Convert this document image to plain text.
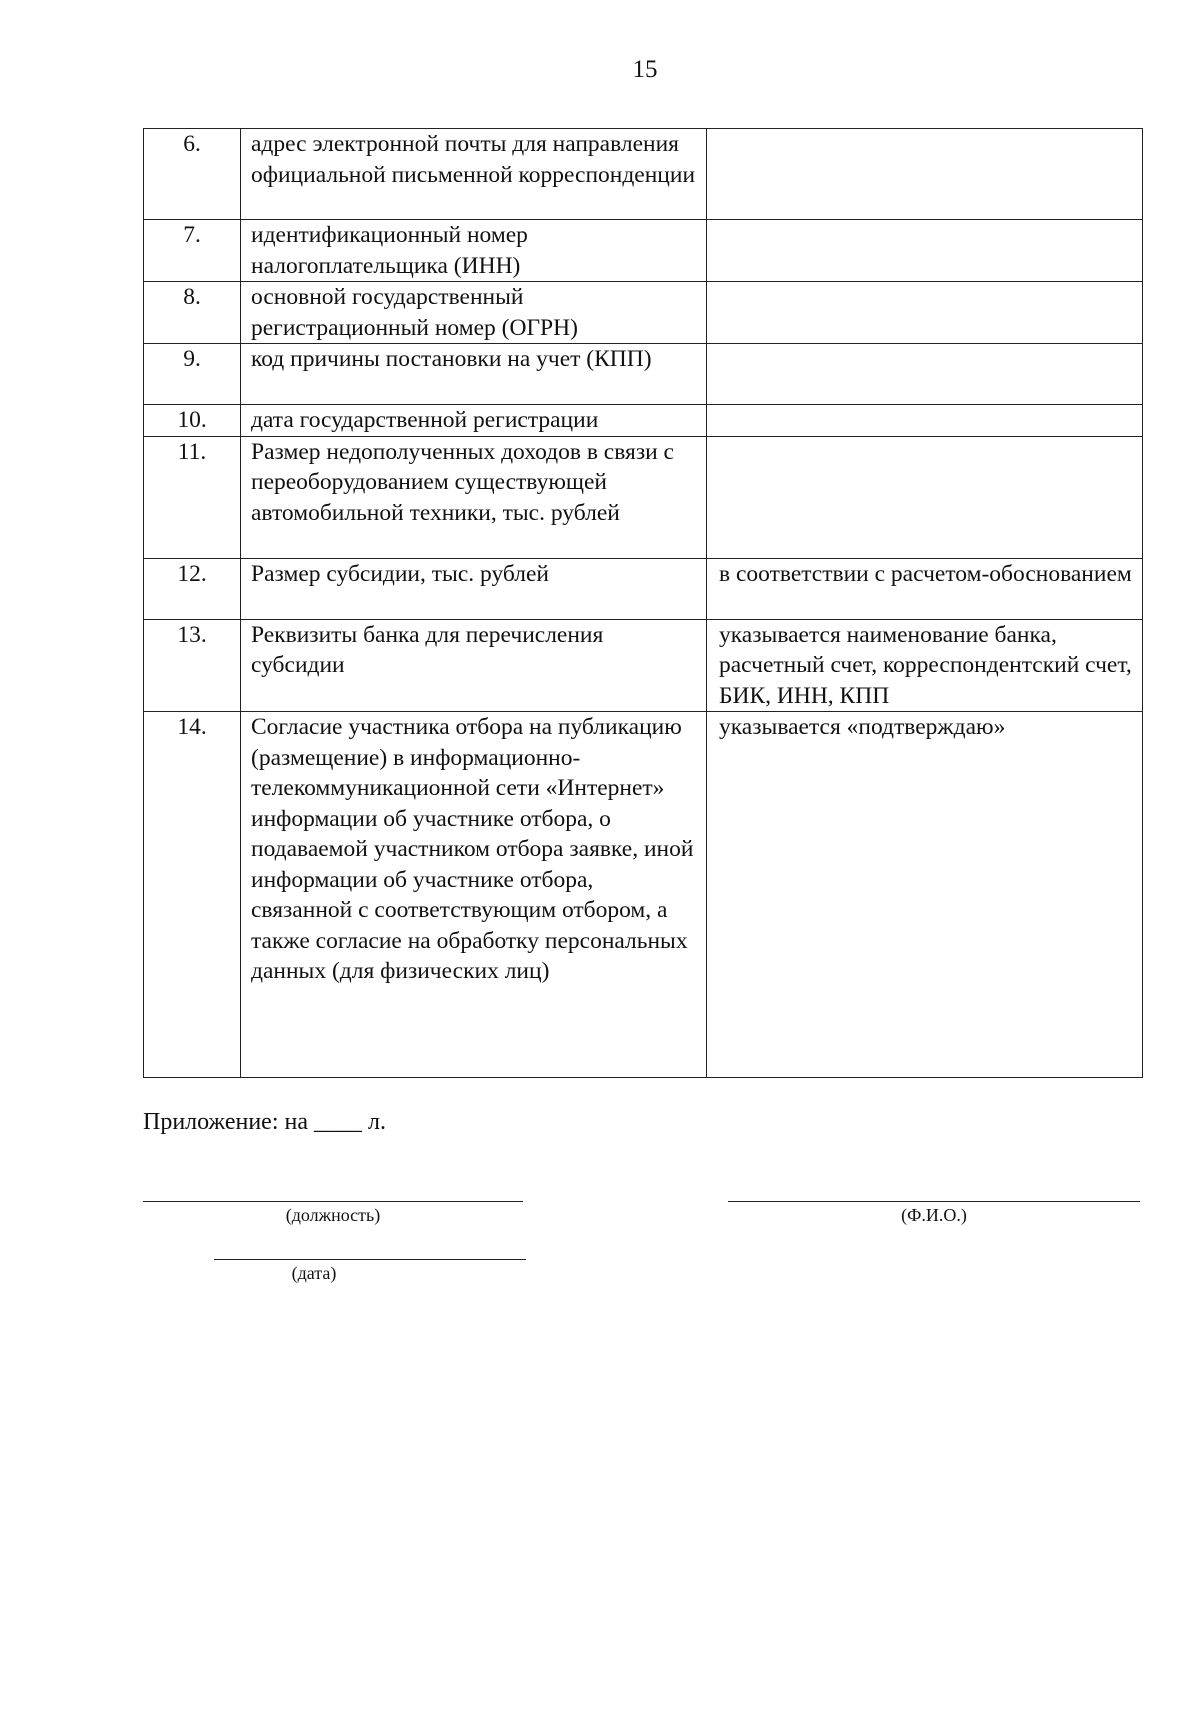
15
6.	адрес электронной почты для направления официальной письменной корреспонденции	
7.	идентификационный номер налогоплательщика (ИНН)	
8.	основной государственный регистрационный номер (ОГРН)	
9.	код причины постановки на учет (КПП)	
10.	дата государственной регистрации	
11.	Размер недополученных доходов в связи с переоборудованием существующей автомобильной техники, тыс. рублей	
12.	Размер субсидии, тыс. рублей	в соответствии с расчетом-обоснованием
13.	Реквизиты банка для перечисления субсидии	указывается наименование банка, расчетный счет, корреспондентский счет, БИК, ИНН, КПП
14.	Согласие участника отбора на публикацию (размещение) в информационно-телекоммуникационной сети «Интернет» информации об участнике отбора, о подаваемой участником отбора заявке, иной информации об участнике отбора, связанной с соответствующим отбором, а также согласие на обработку персональных данных (для физических лиц)	указывается «подтверждаю»
Приложение: на ____ л.
(должность)	(Ф.И.О.)
(дата)
